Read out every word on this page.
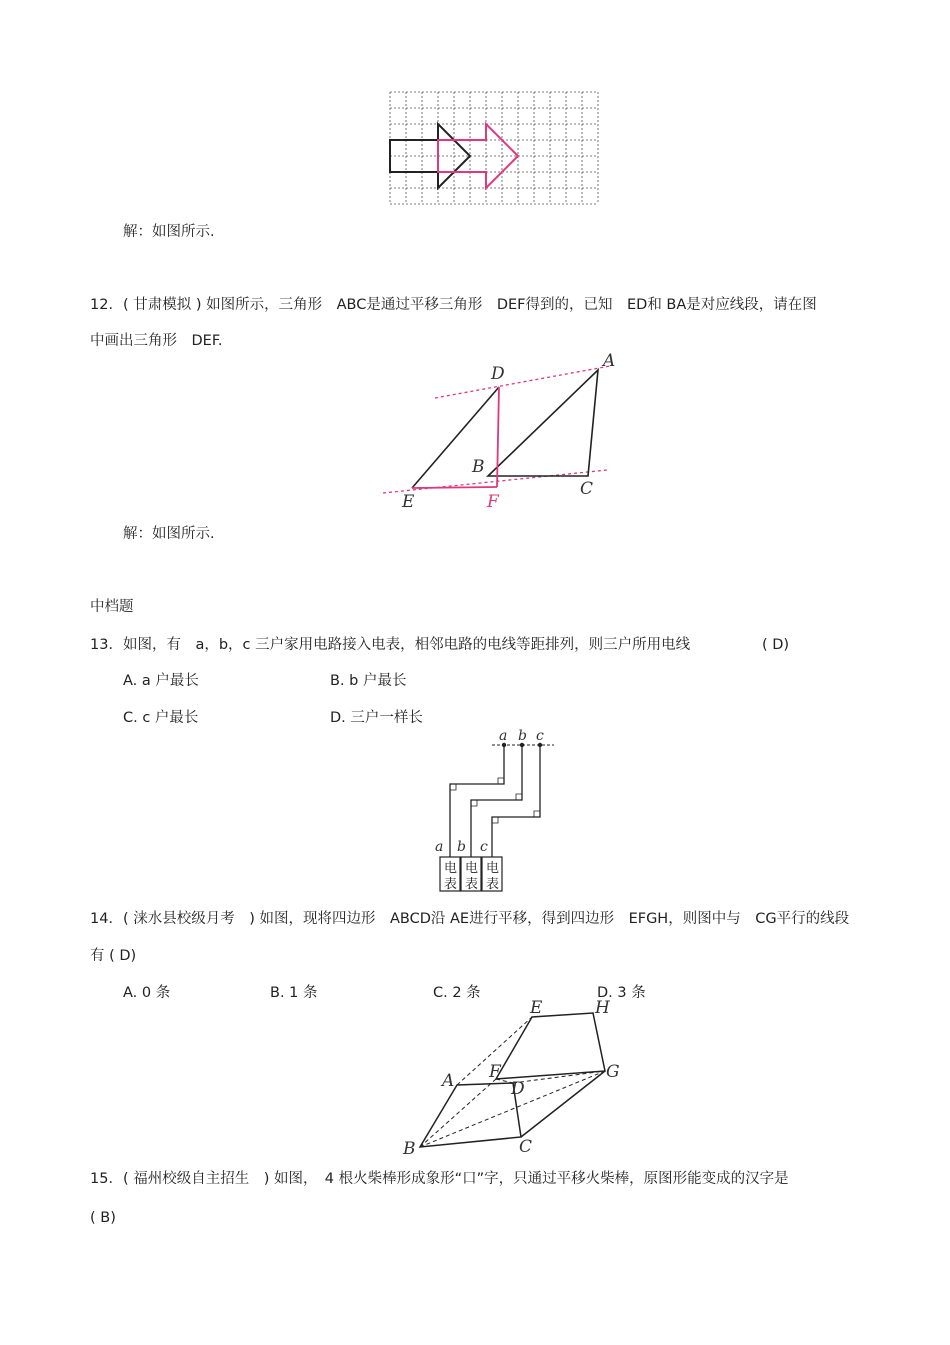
解：如图所示.
12．( 甘肃模拟 ) 如图所示，三角形　ABC是通过平移三角形　DEF得到的，已知　ED和 BA是对应线段，请在图
中画出三角形　DEF.
A
B
C
D
E	F
解：如图所示.
中档题
13．如图，有　a，b，c 三户家用电路接入电表，相邻电路的电线等距排列，则三户所用电线	( D)
A. a 户最长	B. b 户最长
C. c 户最长	D. 三户一样长
a b c
a b c
电
表
电
表
电
表
14．( 涞水县校级月考　) 如图，现将四边形　ABCD沿 AE进行平移，得到四边形　EFGH，则图中与　CG平行的线段
有 ( D)
A. 0 条	B. 1 条	C. 2 条	D. 3 条
A
B	C
D
E
F	G
H
15．( 福州校级自主招生　) 如图，　4 根火柴棒形成象形“口”字，只通过平移火柴棒，原图形能变成的汉字是
( B)
